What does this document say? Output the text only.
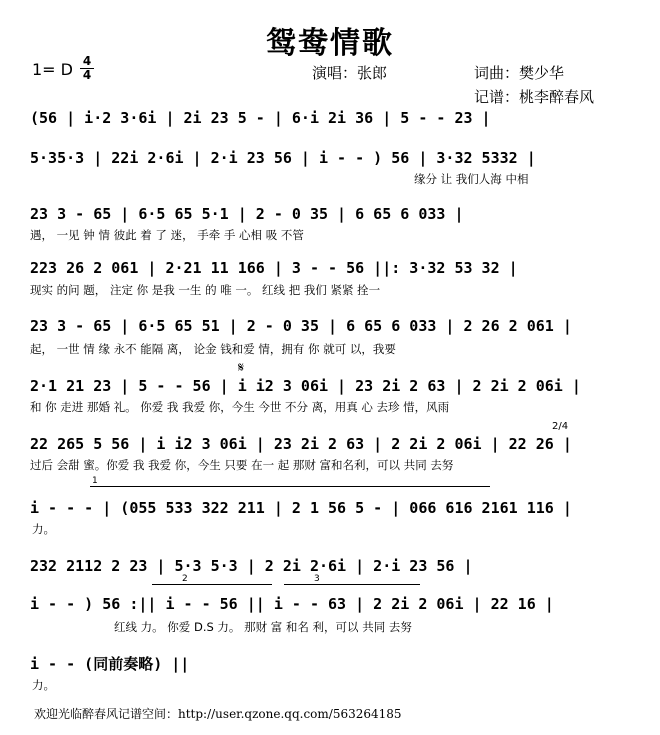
鸳鸯情歌
1= D 4
4	演唱：张郎	词曲：樊少华
记谱：桃李醉春风
(56 | i·2 3·6i | 2i 23 5 - | 6·i 2i 36 | 5 - - 23 |
5·35·3 | 22i 2·6i | 2·i 23 56 | i - - ) 56 | 3·32 5332 |
缘分 让 我们人海 中相
23 3 - 65 | 6·5 65 5·1 | 2 - 0 35 | 6 65 6 033 |
遇， 一见 钟 情 彼此 着 了 迷， 手牵 手 心相 吸 不管
223 26 2 061 | 2·21 11 166 | 3 - - 56 ||: 3·32 53 32 |
现实 的问 题， 注定 你 是我 一生 的 唯 一。 红线 把 我们 紧紧 拴一
23 3 - 65 | 6·5 65 51 | 2 - 0 35 | 6 65 6 033 | 2 26 2 061 |
起， 一世 情 缘 永不 能隔 离， 论金 钱和爱 情，拥有 你 就可 以，我要
𝄋
2·1 21 23 | 5 - - 56 | i i2 3 06i | 23 2i 2 63 | 2 2i 2 06i |
和 你 走进 那婚 礼。 你爱 我 我爱 你，今生 今世 不分 离，用真 心 去珍 惜，风雨
2/4
22 265 5 56 | i i2 3 06i | 23 2i 2 63 | 2 2i 2 06i | 22 26 |
过后 会甜 蜜。你爱 我 我爱 你，今生 只要 在一 起 那财 富和名利，可以 共同 去努
1
i - - - | (055 533 322 211 | 2 1 56 5 - | 066 616 2161 116 |
力。
232 2112 2 23 | 5·3 5·3 | 2 2i 2·6i | 2·i 23 56 |
2	3
i - - ) 56 :|| i - - 56 || i - - 63 | 2 2i 2 06i | 22 16 |
红线 力。 你爱 D.S 力。 那财 富 和名 利，可以 共同 去努
i - - (同前奏略) ||
力。
欢迎光临醉春风记谱空间：http://user.qzone.qq.com/563264185
